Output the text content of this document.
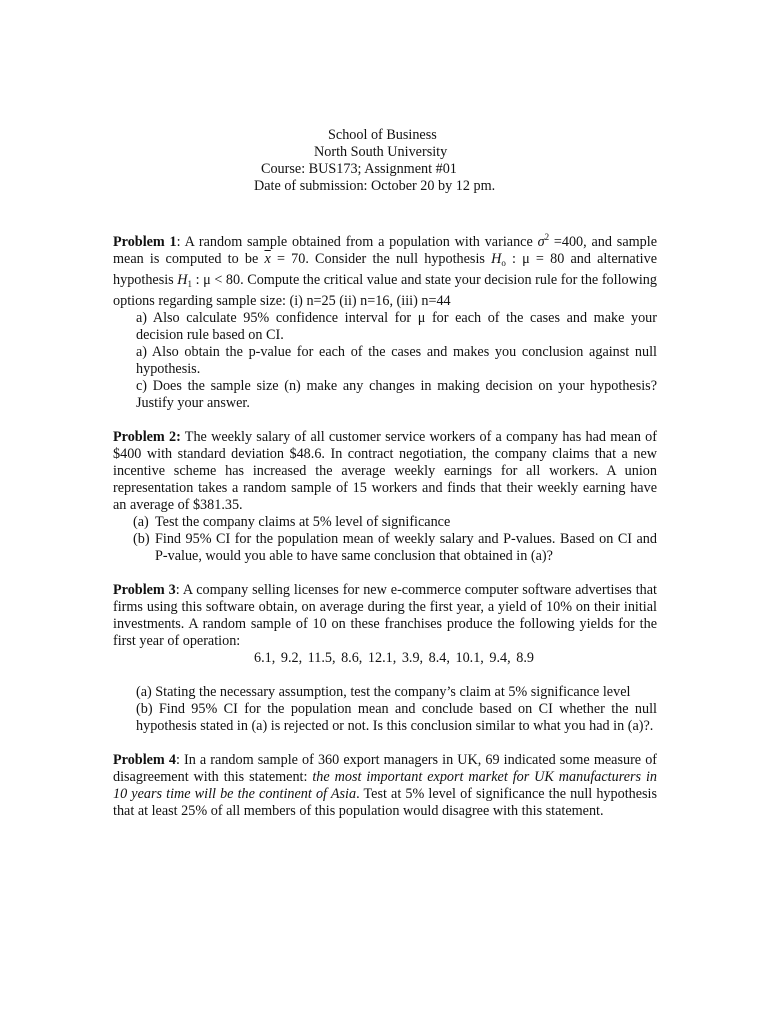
School of Business
North South University
Course: BUS173; Assignment #01
Date of submission: October 20 by 12 pm.

Problem 1: A random sample obtained from a population with variance $\sigma^2 =400$, and sample mean is computed to be $\overline{x} = 70$. Consider the null hypothesis $H_o$ : μ = 80 and alternative hypothesis $H_1$ : μ < 80. Compute the critical value and state your decision rule for the following options regarding sample size: (i) n=25 (ii) n=16, (iii) n=44

a) Also calculate 95% confidence interval for μ for each of the cases and make your decision rule based on CI.
a) Also obtain the p-value for each of the cases and makes you conclusion against null hypothesis.
c) Does the sample size (n) make any changes in making decision on your hypothesis? Justify your answer.

Problem 2: The weekly salary of all customer service workers of a company has had mean of $400 with standard deviation $48.6. In contract negotiation, the company claims that a new incentive scheme has increased the average weekly earnings for all workers. A union representation takes a random sample of 15 workers and finds that their weekly earning have an average of $381.35.

(a) Test the company claims at 5% level of significance
(b) Find 95% CI for the population mean of weekly salary and P-values. Based on CI and P-value, would you able to have same conclusion that obtained in (a)?

Problem 3: A company selling licenses for new e-commerce computer software advertises that firms using this software obtain, on average during the first year, a yield of 10% on their initial investments. A random sample of 10 on these franchises produce the following yields for the first year of operation:

6.1, 9.2, 11.5, 8.6, 12.1, 3.9, 8.4, 10.1, 9.4, 8.9

(a) Stating the necessary assumption, test the company’s claim at 5% significance level
(b) Find 95% CI for the population mean and conclude based on CI whether the null hypothesis stated in (a) is rejected or not. Is this conclusion similar to what you had in (a)?.

Problem 4: In a random sample of 360 export managers in UK, 69 indicated some measure of disagreement with this statement: the most important export market for UK manufacturers in 10 years time will be the continent of Asia. Test at 5% level of significance the null hypothesis that at least 25% of all members of this population would disagree with this statement.
